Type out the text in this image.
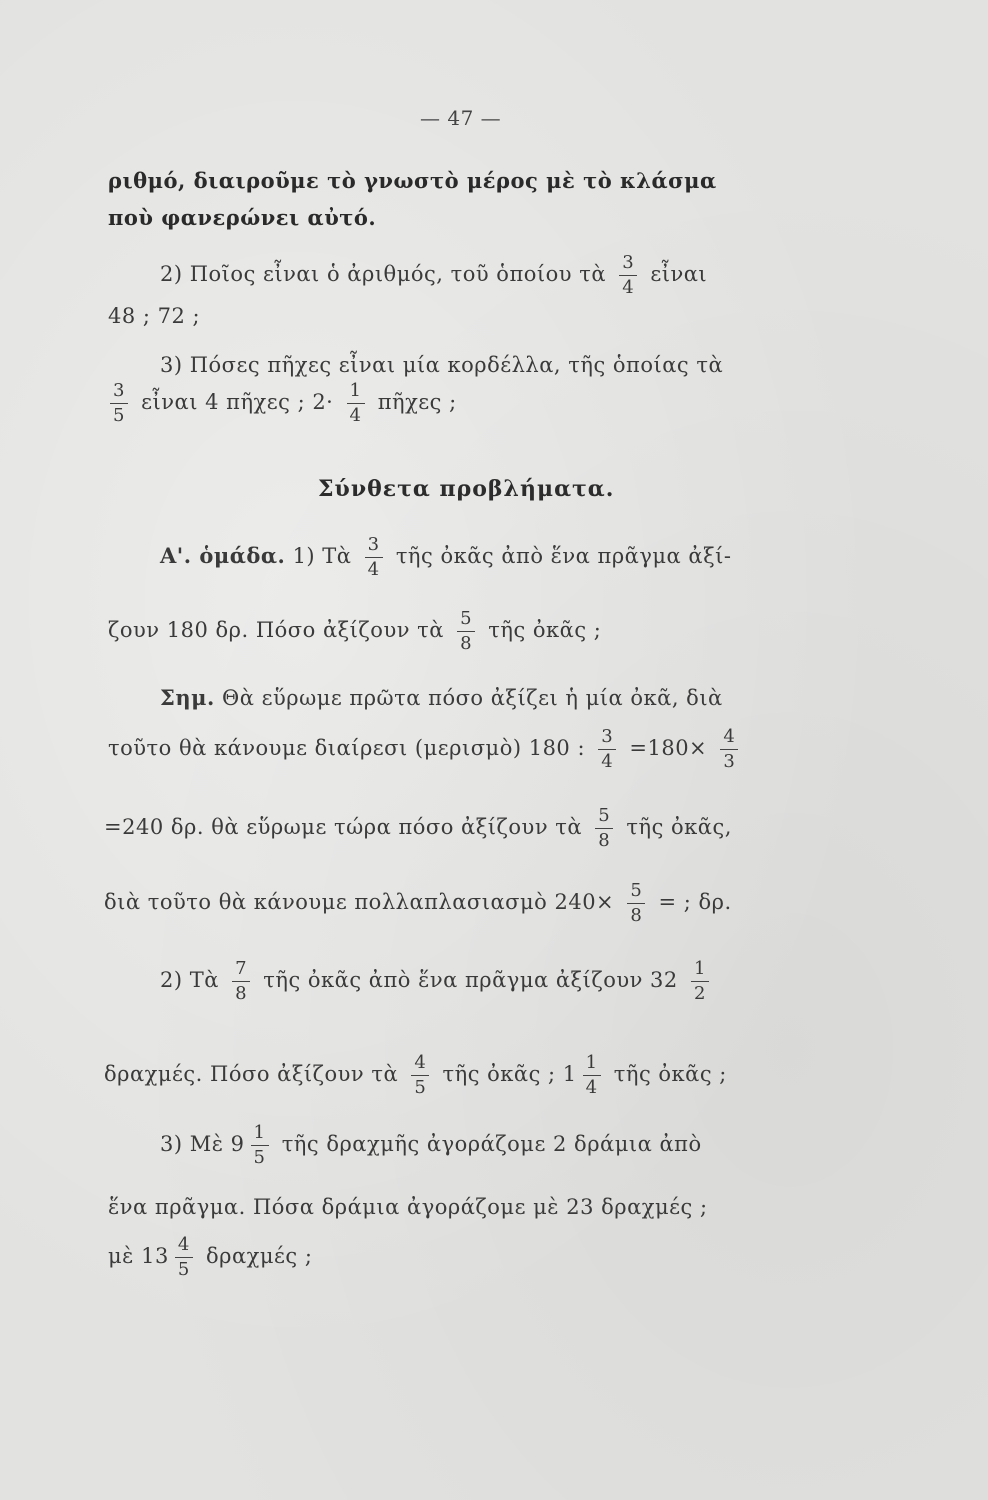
— 47 —
ριθμό, διαιροῦμε τὸ γνωστὸ μέρος μὲ τὸ κλάσμα
ποὺ φανερώνει αὐτό.
2) Ποῖος εἶναι ὁ ἀριθμός, τοῦ ὁποίου τὰ $\frac{3}{4}$ εἶναι
48 ; 72 ;
3) Πόσες πῆχες εἶναι μία κορδέλλα, τῆς ὁποίας τὰ
$\frac{3}{5}$ εἶναι 4 πῆχες ; $2\cdot \frac{1}{4}$ πῆχες ;
Σύνθετα προβλήματα.
Α'. ὁμάδα. 1) Τὰ $\frac{3}{4}$ τῆς ὀκᾶς ἀπὸ ἕνα πρᾶγμα ἀξί-
ζουν 180 δρ. Πόσο ἀξίζουν τὰ $\frac{5}{8}$ τῆς ὀκᾶς ;
Σημ. Θὰ εὕρωμε πρῶτα πόσο ἀξίζει ἡ μία ὀκᾶ, διὰ
τοῦτο θὰ κάνουμε διαίρεσι (μερισμὸ) 180 : $\frac{3}{4} =180\times \frac{4}{3}$
=240 δρ. θὰ εὕρωμε τώρα πόσο ἀξίζουν τὰ $\frac{5}{8}$ τῆς ὀκᾶς,
διὰ τοῦτο θὰ κάνουμε πολλαπλασιασμὸ $240\times \frac{5}{8}$ = ; δρ.
2) Τὰ $\frac{7}{8}$ τῆς ὀκᾶς ἀπὸ ἕνα πρᾶγμα ἀξίζουν $32 \frac{1}{2}$
δραχμές. Πόσο ἀξίζουν τὰ $\frac{4}{5}$ τῆς ὀκᾶς ; $1 \frac{1}{4}$ τῆς ὀκᾶς ;
3) Μὲ $9 \frac{1}{5}$ τῆς δραχμῆς ἀγοράζομε 2 δράμια ἀπὸ
ἕνα πρᾶγμα. Πόσα δράμια ἀγοράζομε μὲ 23 δραχμές ;
μὲ $13 \frac{4}{5}$ δραχμές ;
